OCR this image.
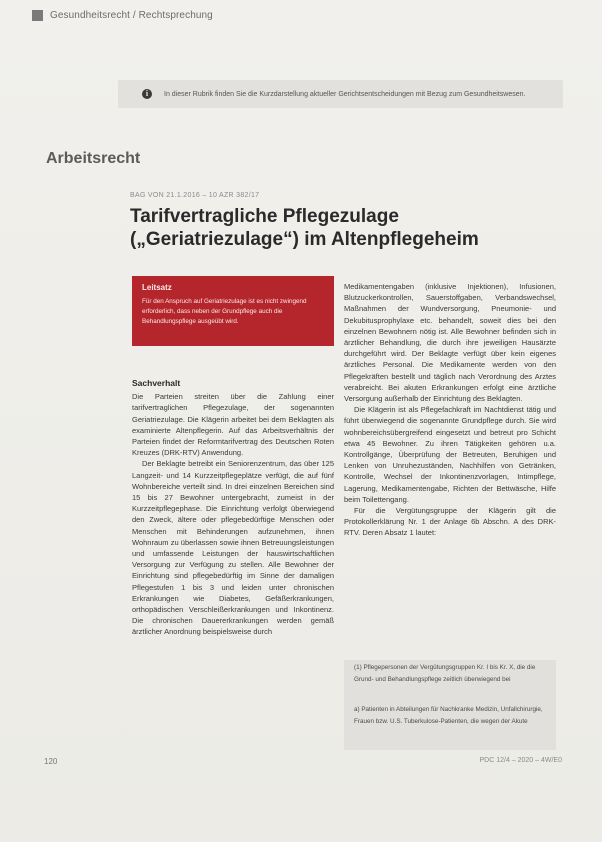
Gesundheitsrecht / Rechtsprechung
i	In dieser Rubrik finden Sie die Kurzdarstellung aktueller Gerichtsentscheidungen mit Bezug zum Gesundheitswesen.
Arbeitsrecht
BAG VON 21.1.2016 – 10 AZR 382/17
Tarifvertragliche Pflegezulage („Geriatriezulage“) im Altenpflegeheim
Leitsatz
Für den Anspruch auf Geriatriezulage ist es nicht zwingend erforderlich, dass neben der Grundpflege auch die Behandlungspflege ausgeübt wird.
Sachverhalt

Die Parteien streiten über die Zahlung einer tarifvertraglichen Pflegezulage, der sogenannten Geriatriezulage. Die Klägerin arbeitet bei dem Beklagten als examinierte Altenpflegerin. Auf das Arbeitsverhältnis der Parteien findet der Reformtarifvertrag des Deutschen Roten Kreuzes (DRK-RTV) Anwendung.

Der Beklagte betreibt ein Seniorenzentrum, das über 125 Langzeit- und 14 Kurzzeitpflegeplätze verfügt, die auf fünf Wohnbereiche verteilt sind. In drei einzelnen Bereichen sind 15 bis 27 Bewohner untergebracht, zumeist in der Kurzzeitpflegephase. Die Einrichtung verfolgt überwiegend den Zweck, ältere oder pflegebedürftige Menschen oder Menschen mit Behinderungen aufzunehmen, ihnen Wohnraum zu überlassen sowie ihnen Betreuungsleistungen und umfassende Leistungen der hauswirtschaftlichen Versorgung zur Verfügung zu stellen. Alle Bewohner der Einrichtung sind pflegebedürftig im Sinne der damaligen Pflegestufen 1 bis 3 und leiden unter chronischen Erkrankungen wie Diabetes, Gefäßerkrankungen, orthopädischen Verschleißerkrankungen und Inkontinenz. Die chronischen Dauererkrankungen werden gemäß ärztlicher Anordnung beispielsweise durch

Medikamentengaben (inklusive Injektionen), Infusionen, Blutzuckerkontrollen, Sauerstoffgaben, Verbandswechsel, Maßnahmen der Wundversorgung, Pneumonie- und Dekubitusprophylaxe etc. behandelt, soweit dies bei den einzelnen Bewohnern nötig ist. Alle Bewohner befinden sich in ärztlicher Behandlung, die durch ihre jeweiligen Hausärzte durchgeführt wird. Der Beklagte verfügt über kein eigenes ärztliches Personal. Die Medikamente werden von den Pflegekräften bestellt und täglich nach Verordnung des Arztes verabreicht. Bei akuten Erkrankungen erfolgt eine ärztliche Versorgung außerhalb der Einrichtung des Beklagten.

Die Klägerin ist als Pflegefachkraft im Nachtdienst tätig und führt überwiegend die sogenannte Grundpflege durch. Sie wird wohnbereichsübergreifend eingesetzt und betreut pro Schicht etwa 45 Bewohner. Zu ihren Tätigkeiten gehören u.a. Kontrollgänge, Überprüfung der Betreuten, Beruhigen und Lenken von Unruhezuständen, Nachhilfen von Getränken, Kontrolle, Wechsel der Inkontinenzvorlagen, Intimpflege, Lagerung, Medikamentengabe, Richten der Bettwäsche, Hilfe beim Toilettengang.

Für die Vergütungsgruppe der Klägerin gilt die Protokollerklärung Nr. 1 der Anlage 6b Abschn. A des DRK-RTV. Deren Absatz 1 lautet:

(1) Pflegepersonen der Vergütungsgruppen Kr. I bis Kr. X, die die Grund- und Behandlungspflege zeitlich überwiegend bei
a) Patienten in Abteilungen für Nachkranke Medizin, Unfallchirurgie, Frauen bzw. U.S. Tuberkulose-Patienten, die wegen der Akute
120	PDC 12/4 – 2020 – 4W/E0
